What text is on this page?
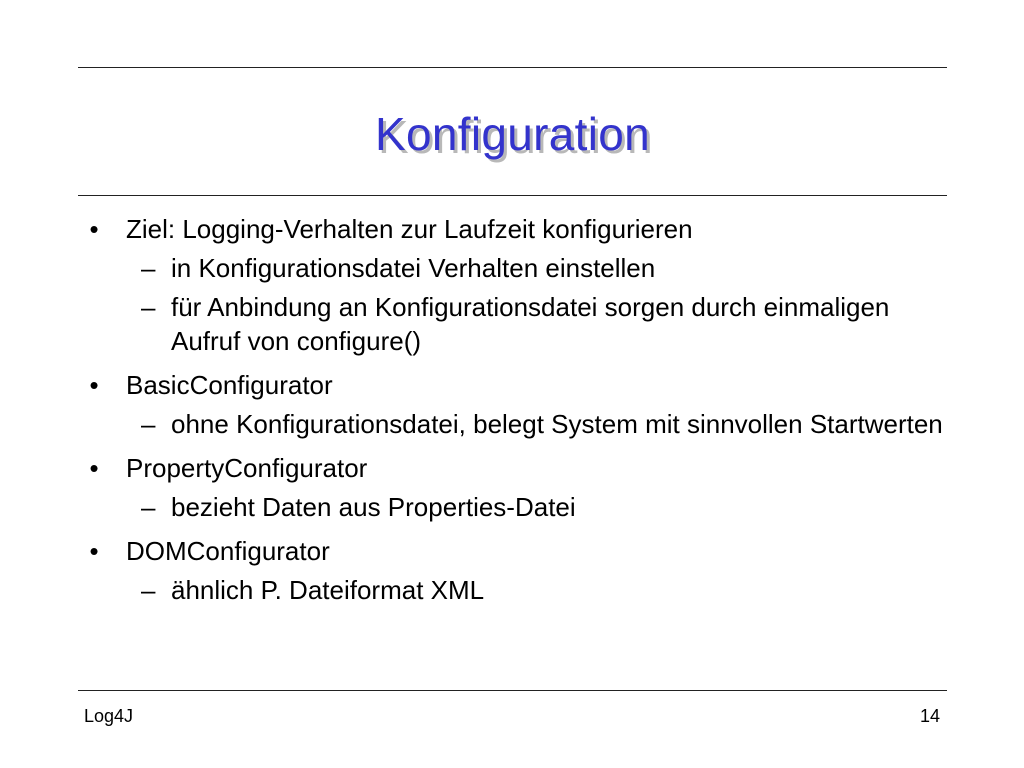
Konfiguration
• Ziel: Logging-Verhalten zur Laufzeit konfigurieren
– in Konfigurationsdatei Verhalten einstellen
– für Anbindung an Konfigurationsdatei sorgen durch einmaligen Aufruf von configure()
• BasicConfigurator
– ohne Konfigurationsdatei, belegt System mit sinnvollen Startwerten
• PropertyConfigurator
– bezieht Daten aus Properties-Datei
• DOMConfigurator
– ähnlich P. Dateiformat XML
Log4J	14
